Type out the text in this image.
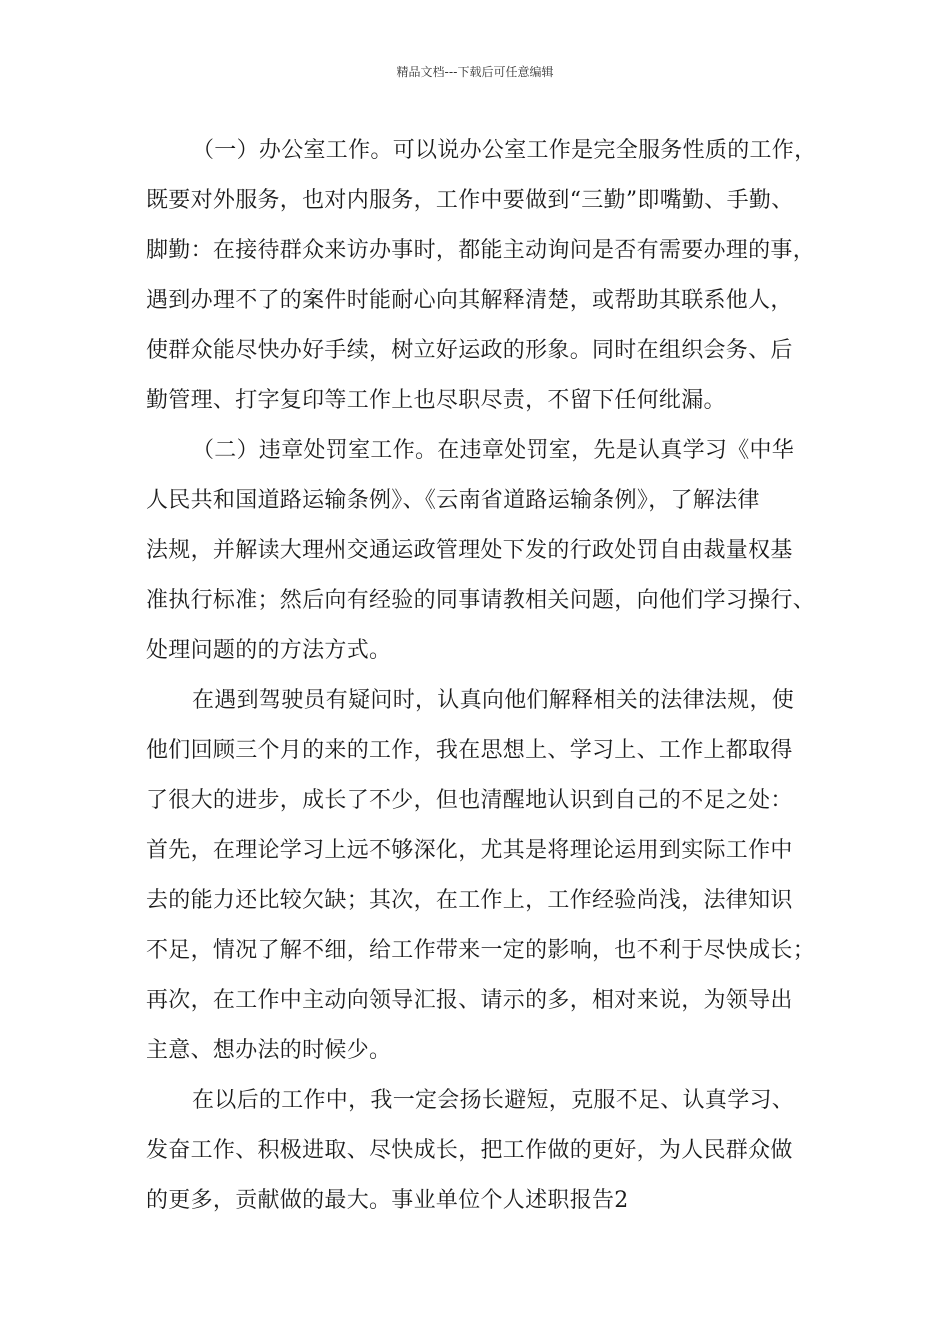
精品文档---下载后可任意编辑
（一）办公室工作。可以说办公室工作是完全服务性质的工作，
既要对外服务，也对内服务，工作中要做到“三勤”即嘴勤、手勤、
脚勤：在接待群众来访办事时，都能主动询问是否有需要办理的事，
遇到办理不了的案件时能耐心向其解释清楚，或帮助其联系他人，
使群众能尽快办好手续，树立好运政的形象。同时在组织会务、后
勤管理、打字复印等工作上也尽职尽责，不留下任何纰漏。
（二）违章处罚室工作。在违章处罚室，先是认真学习《中华
人民共和国道路运输条例》、《云南省道路运输条例》，了解法律
法规，并解读大理州交通运政管理处下发的行政处罚自由裁量权基
准执行标准；然后向有经验的同事请教相关问题，向他们学习操行、
处理问题的的方法方式。
在遇到驾驶员有疑问时，认真向他们解释相关的法律法规，使
他们回顾三个月的来的工作，我在思想上、学习上、工作上都取得
了很大的进步，成长了不少，但也清醒地认识到自己的不足之处：
首先，在理论学习上远不够深化，尤其是将理论运用到实际工作中
去的能力还比较欠缺；其次，在工作上，工作经验尚浅，法律知识
不足，情况了解不细，给工作带来一定的影响，也不利于尽快成长；
再次，在工作中主动向领导汇报、请示的多，相对来说，为领导出
主意、想办法的时候少。
在以后的工作中，我一定会扬长避短，克服不足、认真学习、
发奋工作、积极进取、尽快成长，把工作做的更好，为人民群众做
的更多，贡献做的最大。事业单位个人述职报告2
